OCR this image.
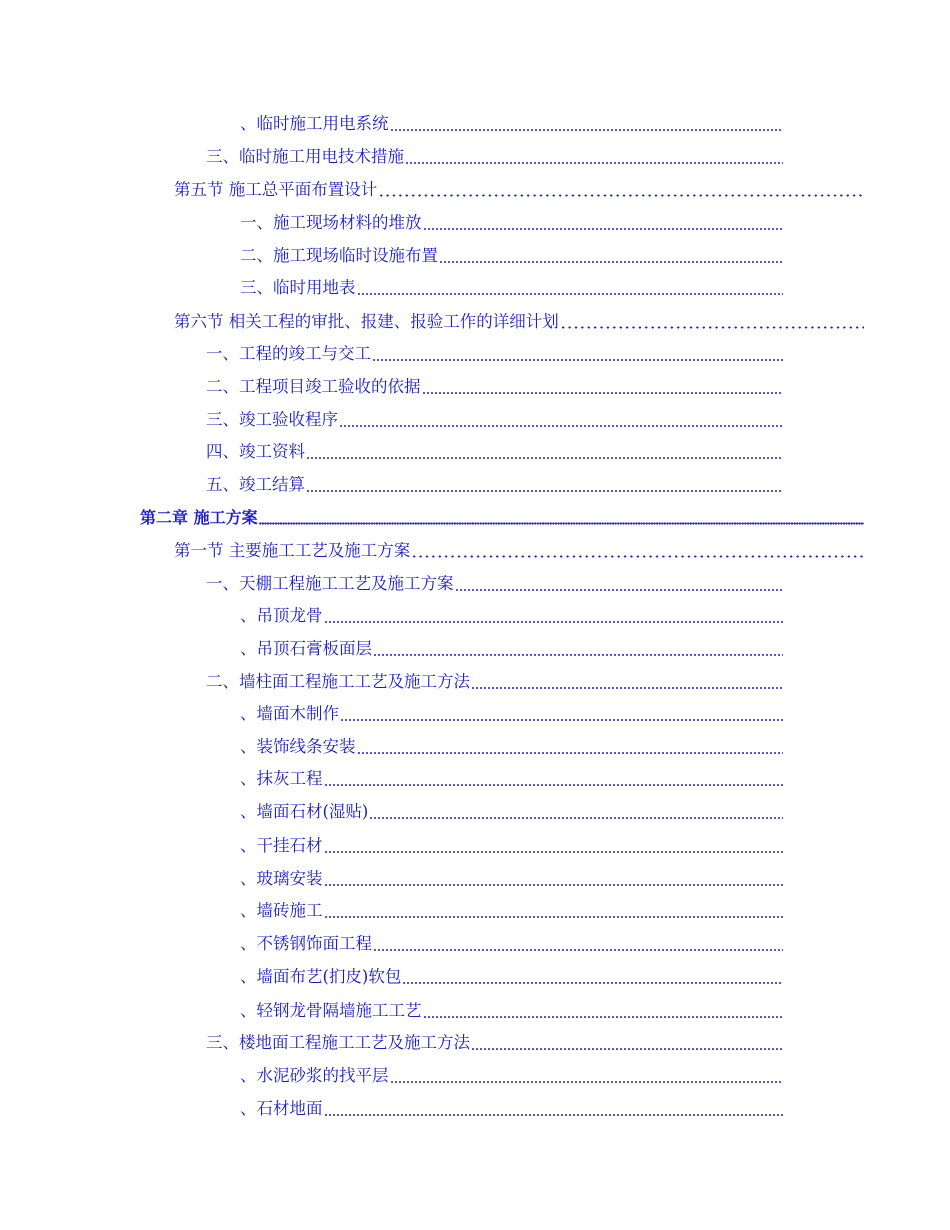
、临时施工用电系统
三、临时施工用电技术措施
第五节 施工总平面布置设计
一、施工现场材料的堆放
二、施工现场临时设施布置
三、临时用地表
第六节 相关工程的审批、报建、报验工作的详细计划
一、工程的竣工与交工
二、工程项目竣工验收的依据
三、竣工验收程序
四、竣工资料
五、竣工结算
第二章 施工方案
第一节 主要施工工艺及施工方案
一、天棚工程施工工艺及施工方案
、吊顶龙骨
、吊顶石膏板面层
二、墙柱面工程施工工艺及施工方法
、墙面木制作
、装饰线条安装
、抹灰工程
、墙面石材(湿贴)
、干挂石材
、玻璃安装
、墙砖施工
、不锈钢饰面工程
、墙面布艺(扪皮)软包
、轻钢龙骨隔墙施工工艺
三、楼地面工程施工工艺及施工方法
、水泥砂浆的找平层
、石材地面
